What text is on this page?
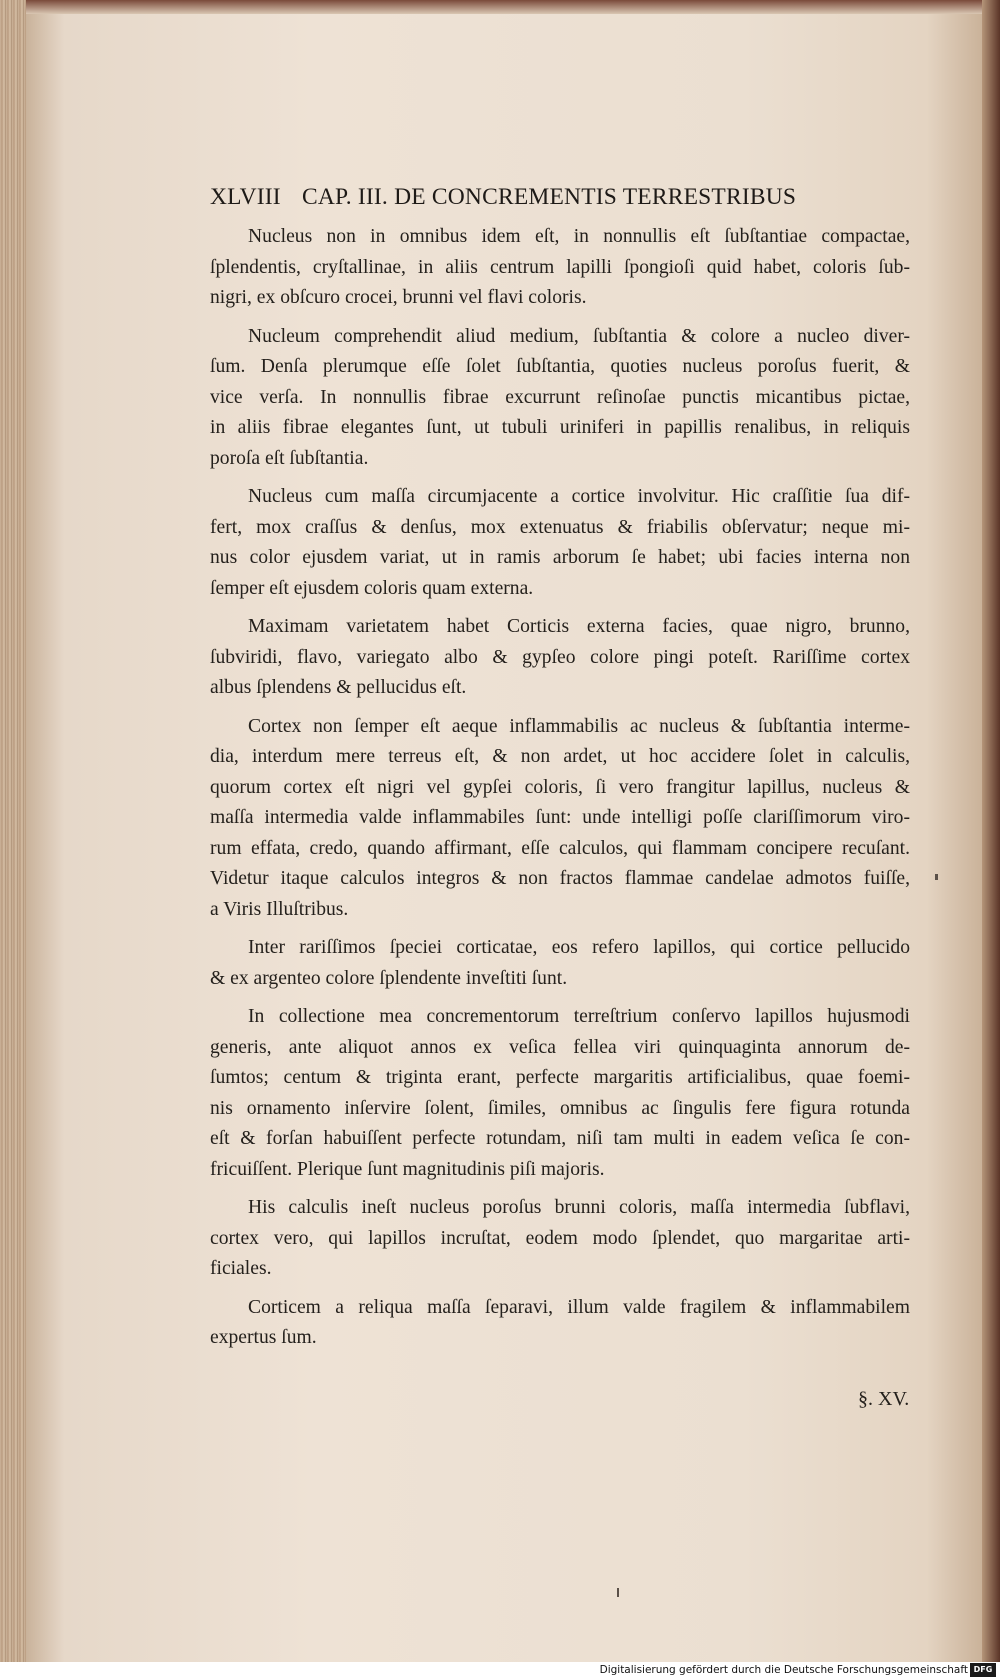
XLVIII CAP. III. DE CONCREMENTIS TERRESTRIBUS

Nucleus non in omnibus idem eſt, in nonnullis eſt ſubſtantiae compactae,
ſplendentis, cryſtallinae, in aliis centrum lapilli ſpongioſi quid habet, coloris ſub-
nigri, ex obſcuro crocei, brunni vel flavi coloris.

Nucleum comprehendit aliud medium, ſubſtantia & colore a nucleo diver-
ſum. Denſa plerumque eſſe ſolet ſubſtantia, quoties nucleus poroſus fuerit, &
vice verſa. In nonnullis fibrae excurrunt reſinoſae punctis micantibus pictae,
in aliis fibrae elegantes ſunt, ut tubuli uriniferi in papillis renalibus, in reliquis
poroſa eſt ſubſtantia.

Nucleus cum maſſa circumjacente a cortice involvitur. Hic craſſitie ſua dif-
fert, mox craſſus & denſus, mox extenuatus & friabilis obſervatur; neque mi-
nus color ejusdem variat, ut in ramis arborum ſe habet; ubi facies interna non
ſemper eſt ejusdem coloris quam externa.

Maximam varietatem habet Corticis externa facies, quae nigro, brunno,
ſubviridi, flavo, variegato albo & gypſeo colore pingi poteſt. Rariſſime cortex
albus ſplendens & pellucidus eſt.

Cortex non ſemper eſt aeque inflammabilis ac nucleus & ſubſtantia interme-
dia, interdum mere terreus eſt, & non ardet, ut hoc accidere ſolet in calculis,
quorum cortex eſt nigri vel gypſei coloris, ſi vero frangitur lapillus, nucleus &
maſſa intermedia valde inflammabiles ſunt: unde intelligi poſſe clariſſimorum viro-
rum effata, credo, quando affirmant, eſſe calculos, qui flammam concipere recuſant.
Videtur itaque calculos integros & non fractos flammae candelae admotos fuiſſe,
a Viris Illuſtribus.

Inter rariſſimos ſpeciei corticatae, eos refero lapillos, qui cortice pellucido
& ex argenteo colore ſplendente inveſtiti ſunt.

In collectione mea concrementorum terreſtrium conſervo lapillos hujusmodi
generis, ante aliquot annos ex veſica fellea viri quinquaginta annorum de-
ſumtos; centum & triginta erant, perfecte margaritis artificialibus, quae foemi-
nis ornamento inſervire ſolent, ſimiles, omnibus ac ſingulis fere figura rotunda
eſt & forſan habuiſſent perfecte rotundam, niſi tam multi in eadem veſica ſe con-
fricuiſſent. Plerique ſunt magnitudinis piſi majoris.

His calculis ineſt nucleus poroſus brunni coloris, maſſa intermedia ſubflavi,
cortex vero, qui lapillos incruſtat, eodem modo ſplendet, quo margaritae arti-
ficiales.

Corticem a reliqua maſſa ſeparavi, illum valde fragilem & inflammabilem
expertus ſum.

§. XV.
Digitalisierung gefördert durch die Deutsche Forschungsgemeinschaft DFG
